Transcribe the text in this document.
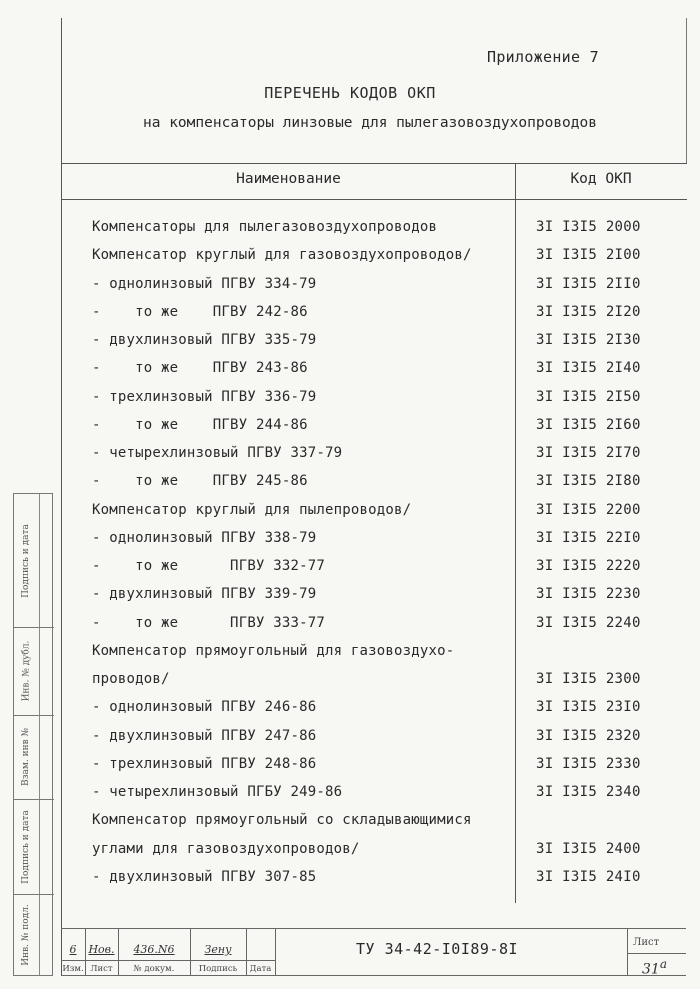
Приложение 7
ПЕРЕЧЕНЬ КОДОВ ОКП
на компенсаторы линзовые для пылегазовоздухопроводов
Наименование	Код ОКП
Компенсаторы для пылегазовоздухопроводов	3I I3I5 2000
Компенсатор круглый для газовоздухопроводов/	3I I3I5 2I00
- однолинзовый ПГВУ 334-79	3I I3I5 2II0
-    то же    ПГВУ 242-86	3I I3I5 2I20
- двухлинзовый ПГВУ 335-79	3I I3I5 2I30
-    то же    ПГВУ 243-86	3I I3I5 2I40
- трехлинзовый ПГВУ 336-79	3I I3I5 2I50
-    то же    ПГВУ 244-86	3I I3I5 2I60
- четырехлинзовый ПГВУ 337-79	3I I3I5 2I70
-    то же    ПГВУ 245-86	3I I3I5 2I80
Компенсатор круглый для пылепроводов/	3I I3I5 2200
- однолинзовый ПГВУ 338-79	3I I3I5 22I0
-    то же      ПГВУ 332-77	3I I3I5 2220
- двухлинзовый ПГВУ 339-79	3I I3I5 2230
-    то же      ПГВУ 333-77	3I I3I5 2240
Компенсатор прямоугольный для газовоздухо-
проводов/	3I I3I5 2300
- однолинзовый ПГВУ 246-86	3I I3I5 23I0
- двухлинзовый ПГВУ 247-86	3I I3I5 2320
- трехлинзовый ПГВУ 248-86	3I I3I5 2330
- четырехлинзовый ПГБУ 249-86	3I I3I5 2340
Компенсатор прямоугольный со складывающимися
углами для газовоздухопроводов/	3I I3I5 2400
- двухлинзовый ПГВУ 307-85	3I I3I5 24I0
Подпись и дата
Инв. № дубл.
Взам. инв №
Подпись и дата
Инв. № подл.	6	Нов.	436.N6	Зену
Изм. Лист	№ докум.	Подпись	Дата
ТУ 34-42-I0I89-8I	Лист
31$^a$
